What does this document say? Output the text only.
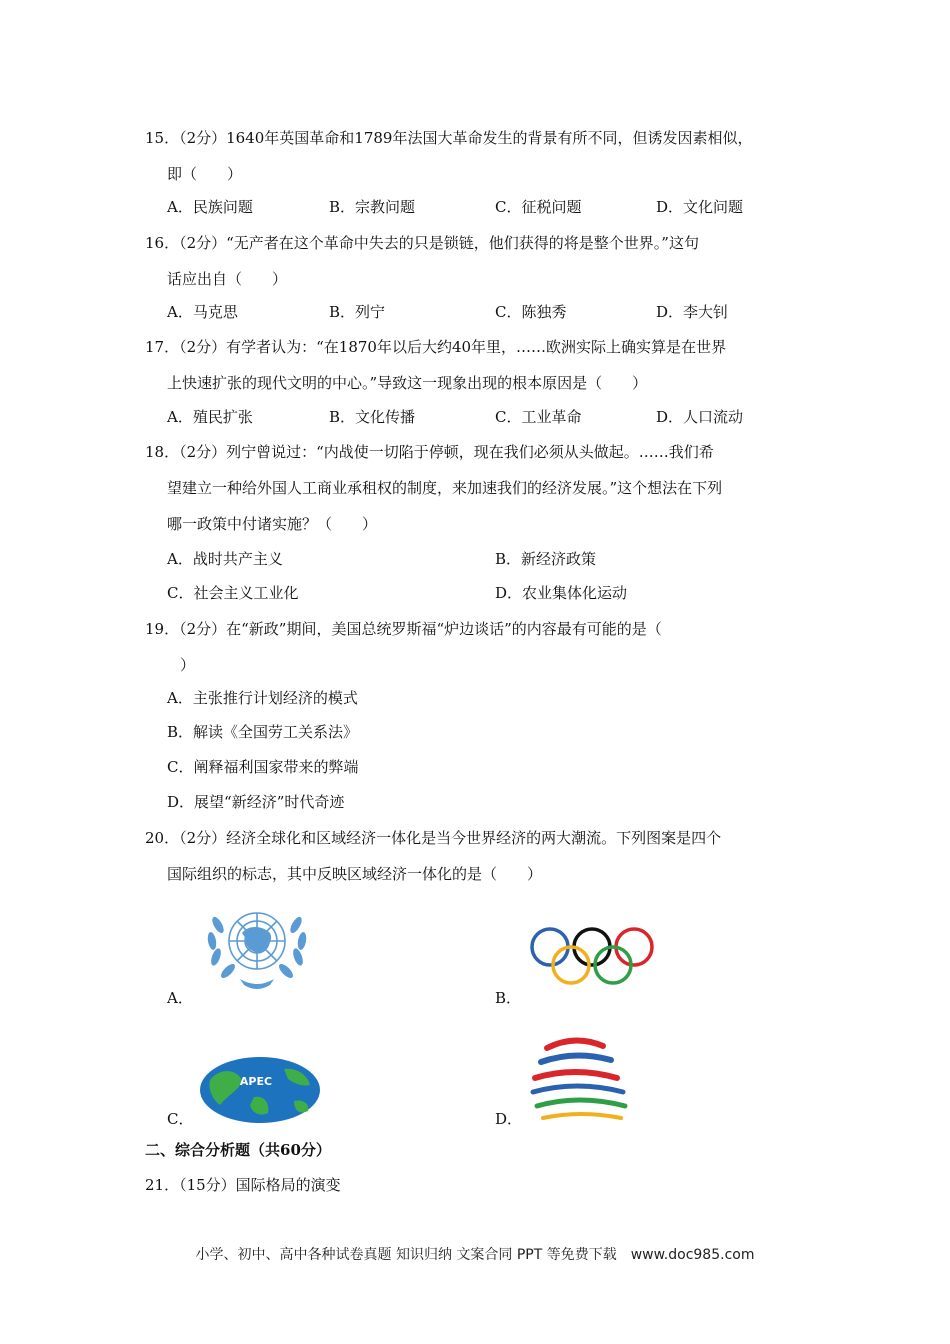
15．（2分）1640年英国革命和1789年法国大革命发生的背景有所不同，但诱发因素相似，
即（　　）
A．民族问题	B．宗教问题	C．征税问题	D．文化问题
16．（2分）“无产者在这个革命中失去的只是锁链，他们获得的将是整个世界。”这句
话应出自（　　）
A．马克思	B．列宁	C．陈独秀	D．李大钊
17．（2分）有学者认为：“在1870年以后大约40年里，……欧洲实际上确实算是在世界
上快速扩张的现代文明的中心。”导致这一现象出现的根本原因是（　　）
A．殖民扩张	B．文化传播	C．工业革命	D．人口流动
18．（2分）列宁曾说过：“内战使一切陷于停顿，现在我们必须从头做起。……我们希
望建立一种给外国人工商业承租权的制度，来加速我们的经济发展。”这个想法在下列
哪一政策中付诸实施？（　　）
A．战时共产主义	B．新经济政策
C．社会主义工业化	D．农业集体化运动
19．（2分）在“新政”期间，美国总统罗斯福“炉边谈话”的内容最有可能的是（
）
A．主张推行计划经济的模式
B．解读《全国劳工关系法》
C．阐释福利国家带来的弊端
D．展望“新经济”时代奇迹
20．（2分）经济全球化和区域经济一体化是当今世界经济的两大潮流。下列图案是四个
国际组织的标志，其中反映区域经济一体化的是（　　）
A．	B．
APEC
C．	D．
二、综合分析题（共60分）
21．（15分）国际格局的演变
小学、初中、高中各种试卷真题 知识归纳 文案合同 PPT 等免费下载　www.doc985.com
